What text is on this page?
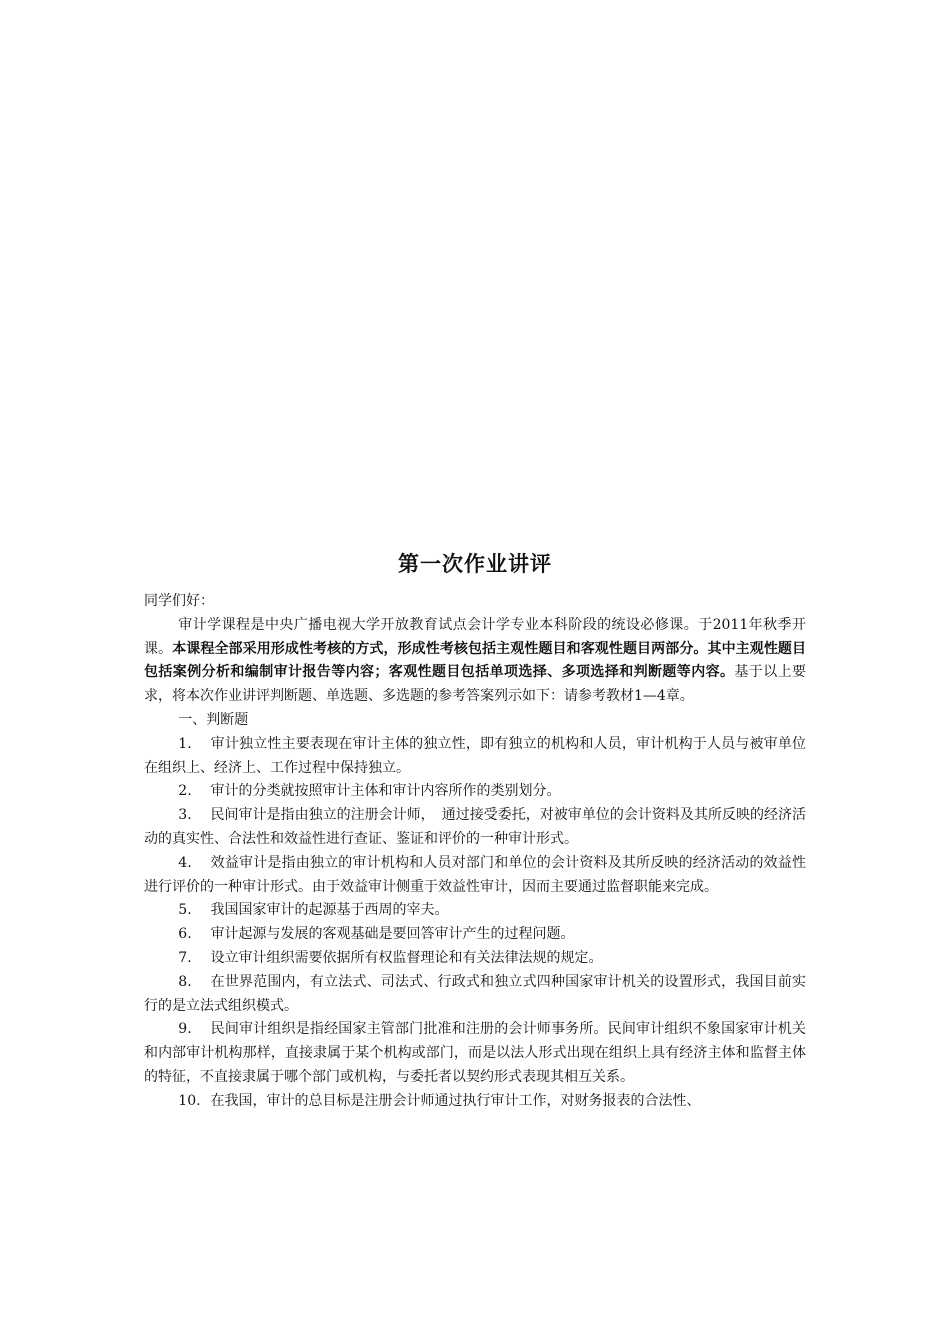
第一次作业讲评

同学们好：

审计学课程是中央广播电视大学开放教育试点会计学专业本科阶段的统设必修课。于2011年秋季开课。本课程全部采用形成性考核的方式，形成性考核包括主观性题目和客观性题目两部分。其中主观性题目包括案例分析和编制审计报告等内容；客观性题目包括单项选择、多项选择和判断题等内容。基于以上要求，将本次作业讲评判断题、单选题、多选题的参考答案列示如下：请参考教材1—4章。

一、判断题

1. 审计独立性主要表现在审计主体的独立性，即有独立的机构和人员，审计机构于人员与被审单位在组织上、经济上、工作过程中保持独立。

2. 审计的分类就按照审计主体和审计内容所作的类别划分。

3. 民间审计是指由独立的注册会计师，　通过接受委托，对被审单位的会计资料及其所反映的经济活动的真实性、合法性和效益性进行查证、鉴证和评价的一种审计形式。

4. 效益审计是指由独立的审计机构和人员对部门和单位的会计资料及其所反映的经济活动的效益性进行评价的一种审计形式。由于效益审计侧重于效益性审计，因而主要通过监督职能来完成。

5. 我国国家审计的起源基于西周的宰夫。

6. 审计起源与发展的客观基础是要回答审计产生的过程问题。

7. 设立审计组织需要依据所有权监督理论和有关法律法规的规定。

8. 在世界范围内，有立法式、司法式、行政式和独立式四种国家审计机关的设置形式，我国目前实行的是立法式组织模式。

9. 民间审计组织是指经国家主管部门批准和注册的会计师事务所。民间审计组织不象国家审计机关和内部审计机构那样，直接隶属于某个机构或部门，而是以法人形式出现在组织上具有经济主体和监督主体的特征，不直接隶属于哪个部门或机构，与委托者以契约形式表现其相互关系。

10. 在我国，审计的总目标是注册会计师通过执行审计工作，对财务报表的合法性、
